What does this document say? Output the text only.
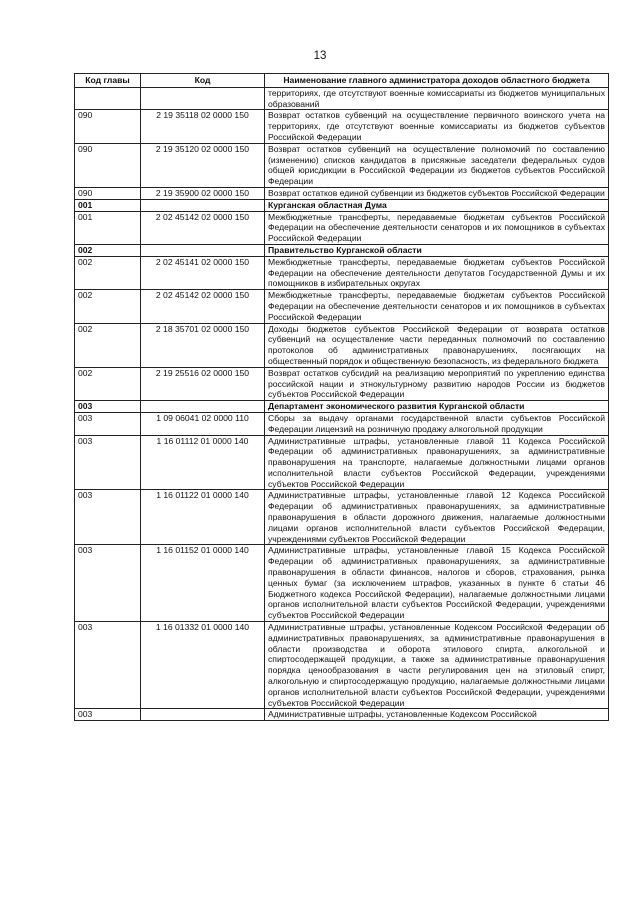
13
Код главы	Код	Наименование главного администратора доходов областного бюджета
		территориях, где отсутствуют военные комиссариаты из бюджетов муниципальных образований
090	2 19 35118 02 0000 150	Возврат остатков субвенций на осуществление первичного воинского учета на территориях, где отсутствуют военные комиссариаты из бюджетов субъектов Российской Федерации
090	2 19 35120 02 0000 150	Возврат остатков субвенций на осуществление полномочий по составлению (изменению) списков кандидатов в присяжные заседатели федеральных судов общей юрисдикции в Российской Федерации из бюджетов субъектов Российской Федерации
090	2 19 35900 02 0000 150	Возврат остатков единой субвенции из бюджетов субъектов Российской Федерации
001		Курганская областная Дума
001	2 02 45142 02 0000 150	Межбюджетные трансферты, передаваемые бюджетам субъектов Российской Федерации на обеспечение деятельности сенаторов и их помощников в субъектах Российской Федерации
002		Правительство Курганской области
002	2 02 45141 02 0000 150	Межбюджетные трансферты, передаваемые бюджетам субъектов Российской Федерации на обеспечение деятельности депутатов Государственной Думы и их помощников в избирательных округах
002	2 02 45142 02 0000 150	Межбюджетные трансферты, передаваемые бюджетам субъектов Российской Федерации на обеспечение деятельности сенаторов и их помощников в субъектах Российской Федерации
002	2 18 35701 02 0000 150	Доходы бюджетов субъектов Российской Федерации от возврата остатков субвенций на осуществление части переданных полномочий по составлению протоколов об административных правонарушениях, посягающих на общественный порядок и общественную безопасность, из федерального бюджета
002	2 19 25516 02 0000 150	Возврат остатков субсидий на реализацию мероприятий по укреплению единства российской нации и этнокультурному развитию народов России из бюджетов субъектов Российской Федерации
003		Департамент экономического развития Курганской области
003	1 09 06041 02 0000 110	Сборы за выдачу органами государственной власти субъектов Российской Федерации лицензий на розничную продажу алкогольной продукции
003	1 16 01112 01 0000 140	Административные штрафы, установленные главой 11 Кодекса Российской Федерации об административных правонарушениях, за административные правонарушения на транспорте, налагаемые должностными лицами органов исполнительной власти субъектов Российской Федерации, учреждениями субъектов Российской Федерации
003	1 16 01122 01 0000 140	Административные штрафы, установленные главой 12 Кодекса Российской Федерации об административных правонарушениях, за административные правонарушения в области дорожного движения, налагаемые должностными лицами органов исполнительной власти субъектов Российской Федерации, учреждениями субъектов Российской Федерации
003	1 16 01152 01 0000 140	Административные штрафы, установленные главой 15 Кодекса Российской Федерации об административных правонарушениях, за административные правонарушения в области финансов, налогов и сборов, страхования, рынка ценных бумаг (за исключением штрафов, указанных в пункте 6 статьи 46 Бюджетного кодекса Российской Федерации), налагаемые должностными лицами органов исполнительной власти субъектов Российской Федерации, учреждениями субъектов Российской Федерации
003	1 16 01332 01 0000 140	Административные штрафы, установленные Кодексом Российской Федерации об административных правонарушениях, за административные правонарушения в области производства и оборота этилового спирта, алкогольной и спиртосодержащей продукции, а также за административные правонарушения порядка ценообразования в части регулирования цен на этиловый спирт, алкогольную и спиртосодержащую продукцию, налагаемые должностными лицами органов исполнительной власти субъектов Российской Федерации, учреждениями субъектов Российской Федерации
003		Административные штрафы, установленные Кодексом Российской
